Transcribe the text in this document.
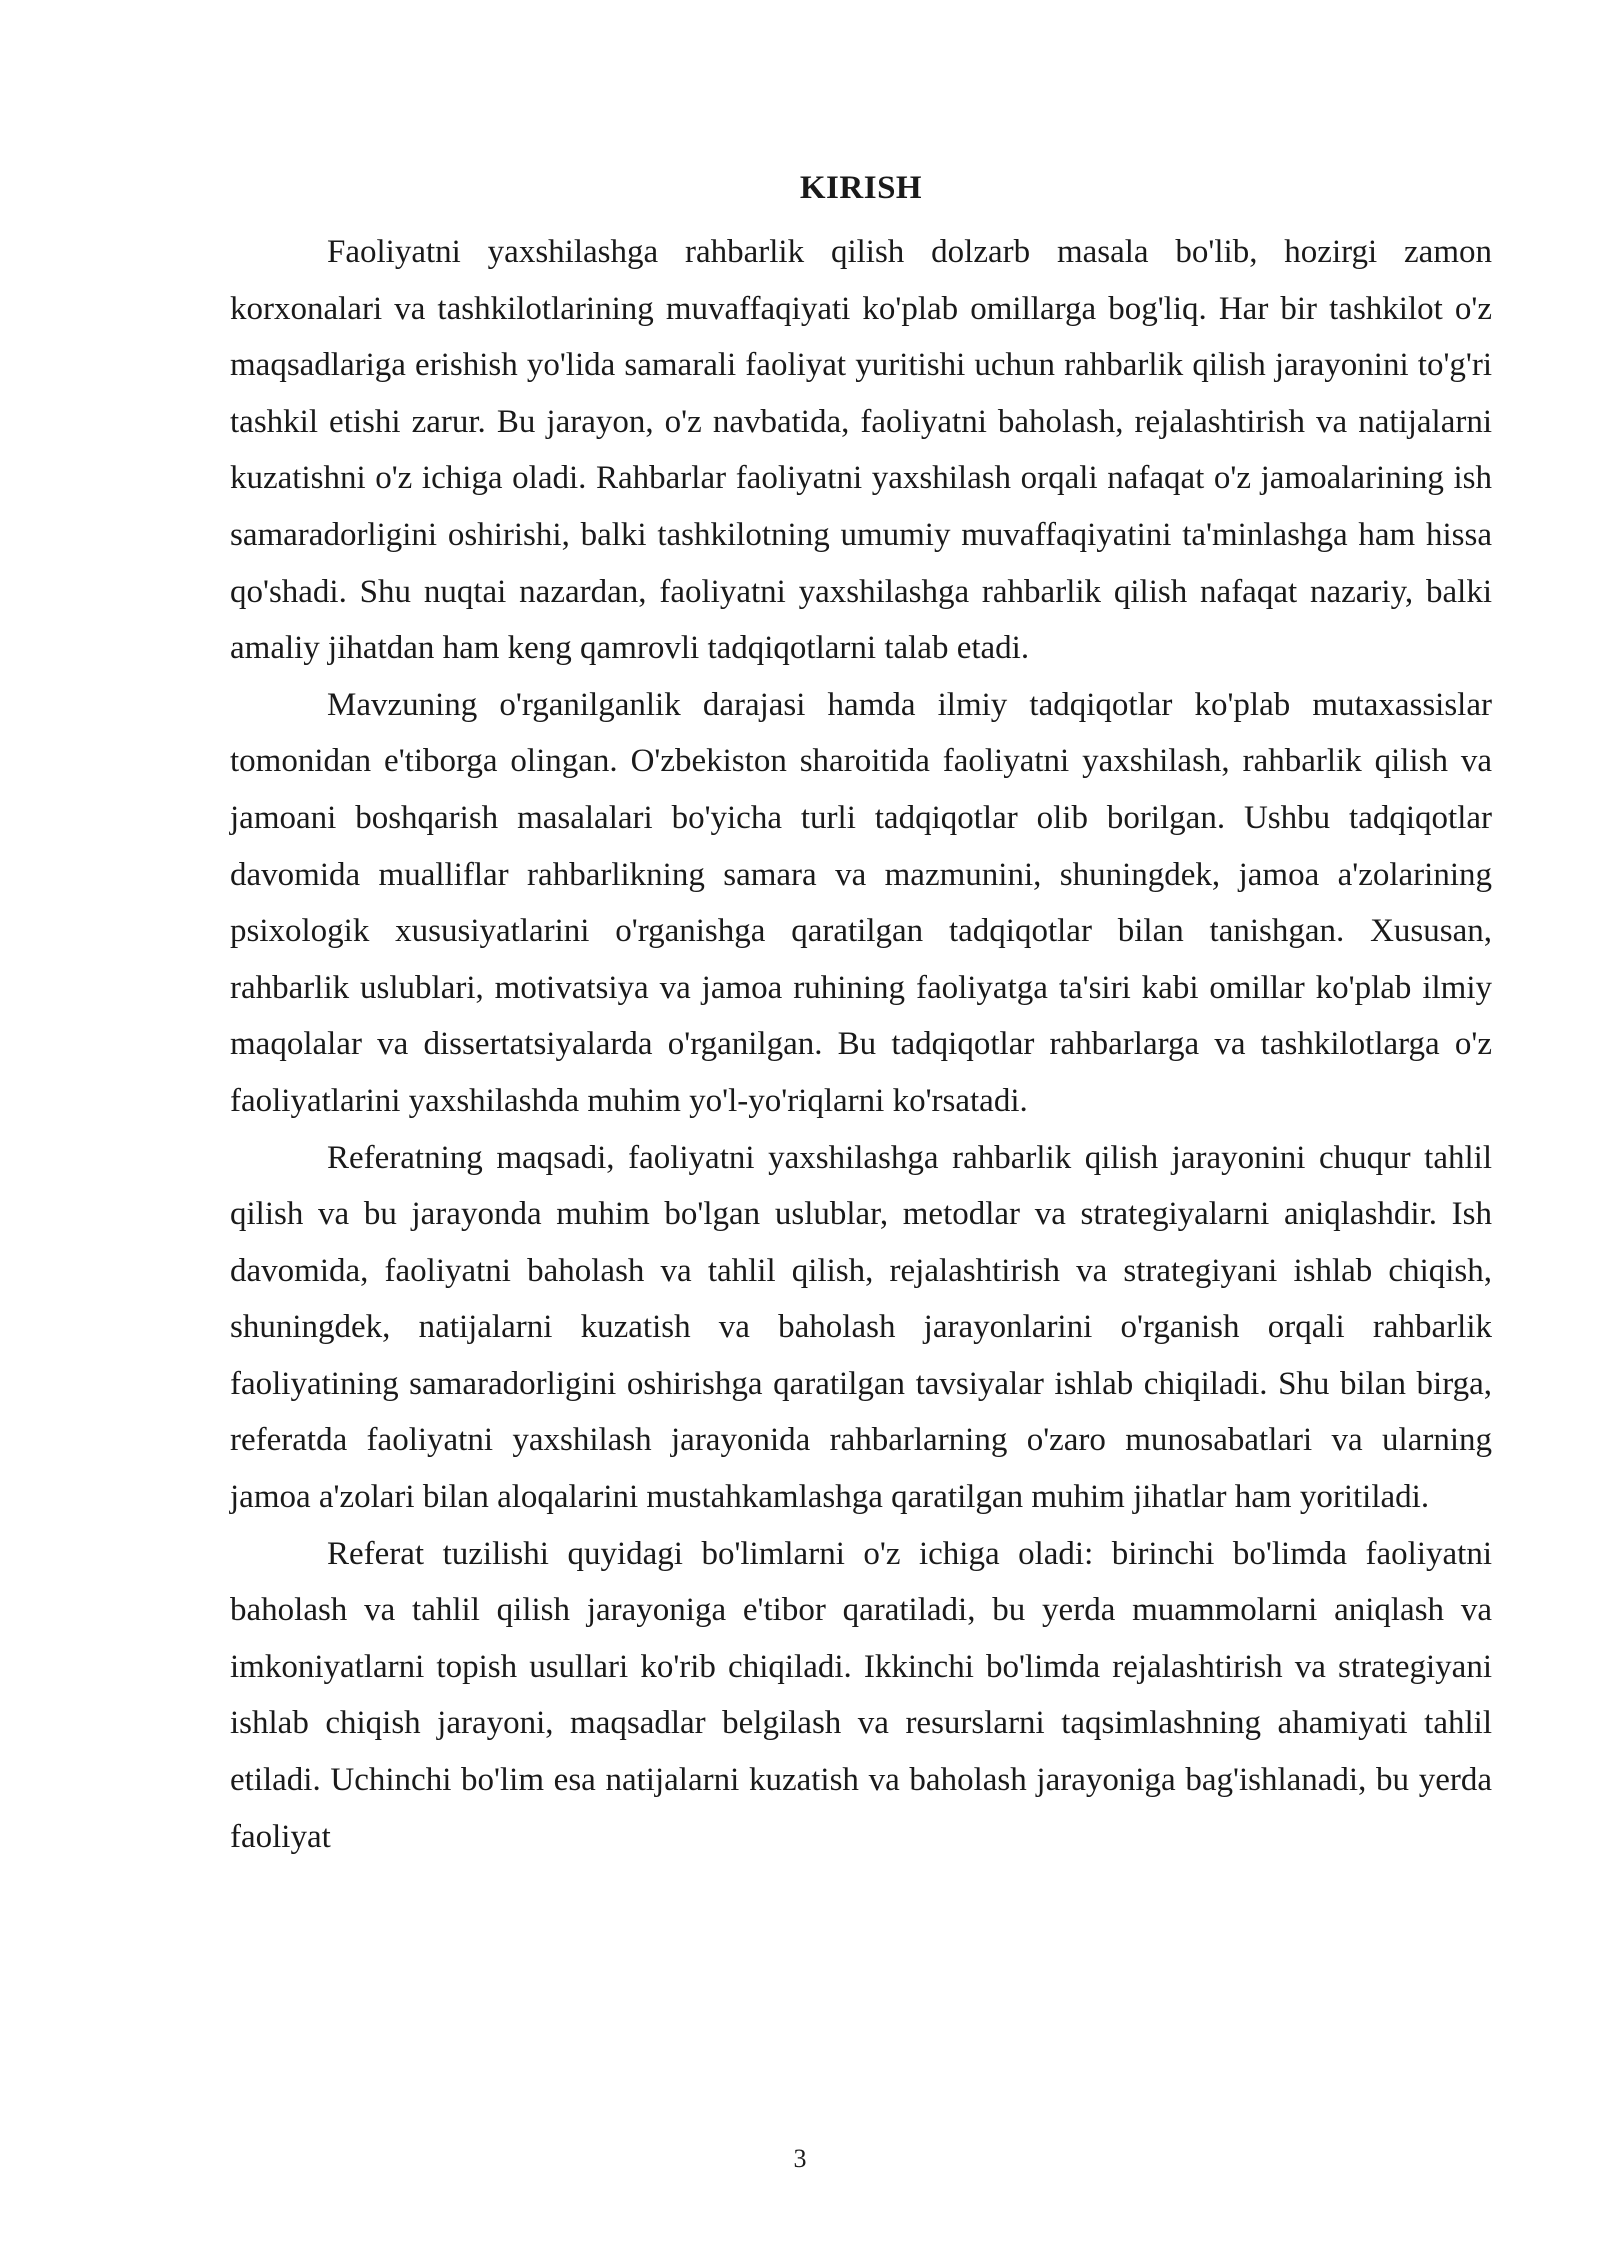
KIRISH

Faoliyatni yaxshilashga rahbarlik qilish dolzarb masala bo'lib, hozirgi zamon korxonalari va tashkilotlarining muvaffaqiyati ko'plab omillarga bog'liq. Har bir tashkilot o'z maqsadlariga erishish yo'lida samarali faoliyat yuritishi uchun rahbarlik qilish jarayonini to'g'ri tashkil etishi zarur. Bu jarayon, o'z navbatida, faoliyatni baholash, rejalashtirish va natijalarni kuzatishni o'z ichiga oladi. Rahbarlar faoliyatni yaxshilash orqali nafaqat o'z jamoalarining ish samaradorligini oshirishi, balki tashkilotning umumiy muvaffaqiyatini ta'minlashga ham hissa qo'shadi. Shu nuqtai nazardan, faoliyatni yaxshilashga rahbarlik qilish nafaqat nazariy, balki amaliy jihatdan ham keng qamrovli tadqiqotlarni talab etadi.

Mavzuning o'rganilganlik darajasi hamda ilmiy tadqiqotlar ko'plab mutaxassislar tomonidan e'tiborga olingan. O'zbekiston sharoitida faoliyatni yaxshilash, rahbarlik qilish va jamoani boshqarish masalalari bo'yicha turli tadqiqotlar olib borilgan. Ushbu tadqiqotlar davomida mualliflar rahbarlikning samara va mazmunini, shuningdek, jamoa a'zolarining psixologik xususiyatlarini o'rganishga qaratilgan tadqiqotlar bilan tanishgan. Xususan, rahbarlik uslublari, motivatsiya va jamoa ruhining faoliyatga ta'siri kabi omillar ko'plab ilmiy maqolalar va dissertatsiyalarda o'rganilgan. Bu tadqiqotlar rahbarlarga va tashkilotlarga o'z faoliyatlarini yaxshilashda muhim yo'l-yo'riqlarni ko'rsatadi.

Referatning maqsadi, faoliyatni yaxshilashga rahbarlik qilish jarayonini chuqur tahlil qilish va bu jarayonda muhim bo'lgan uslublar, metodlar va strategiyalarni aniqlashdir. Ish davomida, faoliyatni baholash va tahlil qilish, rejalashtirish va strategiyani ishlab chiqish, shuningdek, natijalarni kuzatish va baholash jarayonlarini o'rganish orqali rahbarlik faoliyatining samaradorligini oshirishga qaratilgan tavsiyalar ishlab chiqiladi. Shu bilan birga, referatda faoliyatni yaxshilash jarayonida rahbarlarning o'zaro munosabatlari va ularning jamoa a'zolari bilan aloqalarini mustahkamlashga qaratilgan muhim jihatlar ham yoritiladi.

Referat tuzilishi quyidagi bo'limlarni o'z ichiga oladi: birinchi bo'limda faoliyatni baholash va tahlil qilish jarayoniga e'tibor qaratiladi, bu yerda muammolarni aniqlash va imkoniyatlarni topish usullari ko'rib chiqiladi. Ikkinchi bo'limda rejalashtirish va strategiyani ishlab chiqish jarayoni, maqsadlar belgilash va resurslarni taqsimlashning ahamiyati tahlil etiladi. Uchinchi bo'lim esa natijalarni kuzatish va baholash jarayoniga bag'ishlanadi, bu yerda faoliyat

3
